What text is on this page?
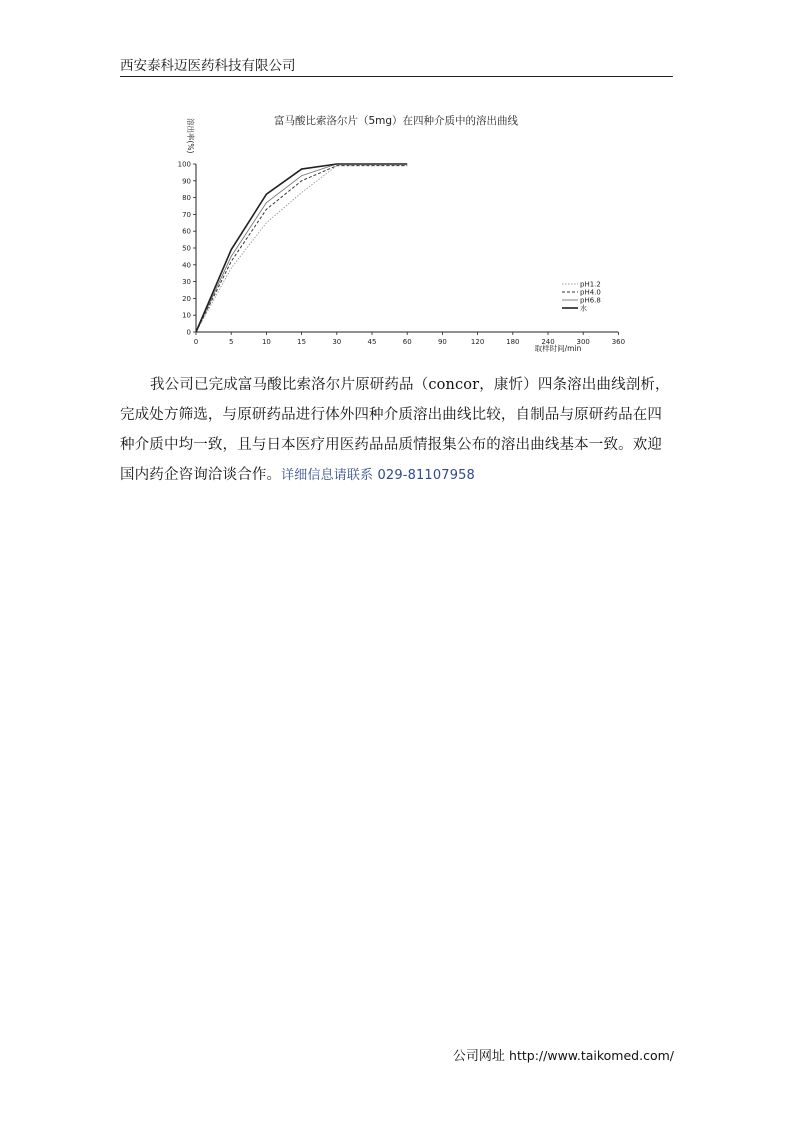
西安泰科迈医药科技有限公司
富马酸比索洛尔片（5mg）在四种介质中的溶出曲线
溶出率(%)
取样时间/min
0	5	10	15	30	45	60	90	120	180	240	300	360
0
10
20
30
40
50
60
70
80
90
100
pH1.2
pH4.0
pH6.8
水
我公司已完成富马酸比索洛尔片原研药品（concor，康忻）四条溶出曲线剖析，完成处方筛选，与原研药品进行体外四种介质溶出曲线比较，自制品与原研药品在四种介质中均一致，且与日本医疗用医药品品质情报集公布的溶出曲线基本一致。欢迎国内药企咨询洽谈合作。详细信息请联系 029-81107958
公司网址 http://www.taikomed.com/
